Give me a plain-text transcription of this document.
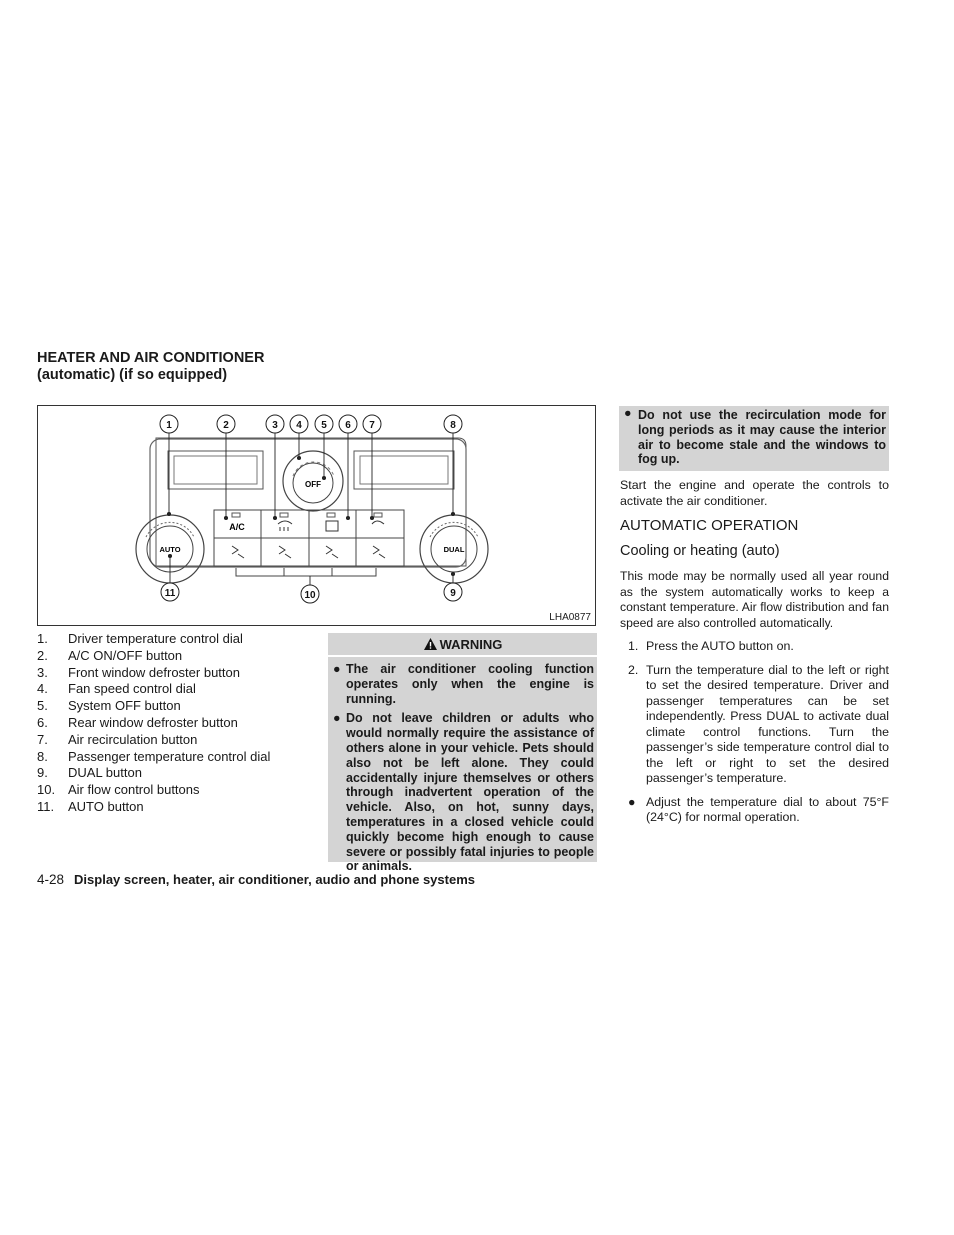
HEATER AND AIR CONDITIONER
(automatic) (if so equipped)
OFF
A/C
AUTO	DUAL
1	2	3 4 5 6 7	8
9
10
11
LHA0877
1.	Driver temperature control dial
2.	A/C ON/OFF button
3.	Front window defroster button
4.	Fan speed control dial
5.	System OFF button
6.	Rear window defroster button
7.	Air recirculation button
8.	Passenger temperature control dial
9.	DUAL button
10. Air flow control buttons
11.	AUTO button
WARNING
● The air conditioner cooling function operates only when the engine is running.
● Do not leave children or adults who would normally require the assistance of others alone in your vehicle. Pets should also not be left alone. They could accidentally injure themselves or others through inadvertent operation of the vehicle. Also, on hot, sunny days, temperatures in a closed vehicle could quickly become high enough to cause severe or possibly fatal injuries to people or animals.
● Do not use the recirculation mode for long periods as it may cause the interior air to become stale and the windows to fog up.
Start the engine and operate the controls to activate the air conditioner.
AUTOMATIC OPERATION
Cooling or heating (auto)
This mode may be normally used all year round as the system automatically works to keep a constant temperature. Air flow distribution and fan speed are also controlled automatically.
1. Press the AUTO button on.
2. Turn the temperature dial to the left or right to set the desired temperature. Driver and passenger temperatures can be set independently. Press DUAL to activate dual climate control functions. Turn the passenger’s side temperature control dial to the left or right to set the desired passenger’s temperature.
● Adjust the temperature dial to about 75°F (24°C) for normal operation.
4-28 Display screen, heater, air conditioner, audio and phone systems
